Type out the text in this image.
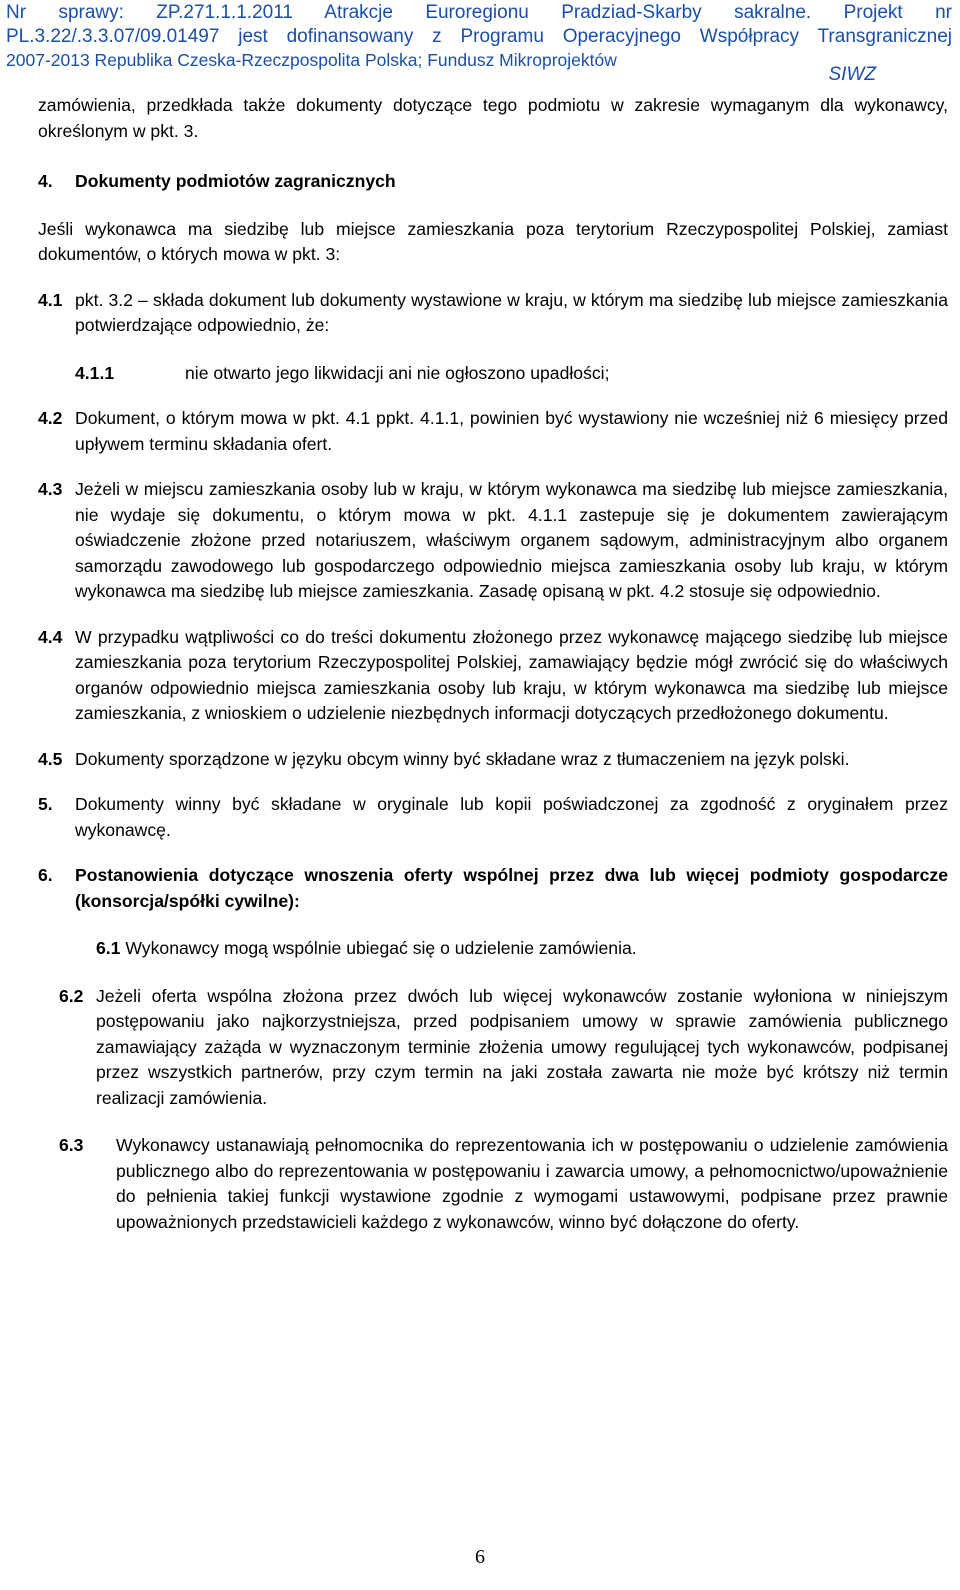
Nr sprawy: ZP.271.1.1.2011 Atrakcje Euroregionu Pradziad-Skarby sakralne. Projekt nr
PL.3.22/.3.3.07/09.01497 jest dofinansowany z Programu Operacyjnego Współpracy Transgranicznej
2007-2013 Republika Czeska-Rzeczpospolita Polska; Fundusz Mikroprojektów
SIWZ

zamówienia, przedkłada także dokumenty dotyczące tego podmiotu w zakresie wymaganym dla wykonawcy, określonym w pkt. 3.

4. Dokumenty podmiotów zagranicznych

Jeśli wykonawca ma siedzibę lub miejsce zamieszkania poza terytorium Rzeczypospolitej Polskiej, zamiast dokumentów, o których mowa w pkt. 3:

4.1 pkt. 3.2 – składa dokument lub dokumenty wystawione w kraju, w którym ma siedzibę lub miejsce zamieszkania potwierdzające odpowiednio, że:
4.1.1	nie otwarto jego likwidacji ani nie ogłoszono upadłości;
4.2 Dokument, o którym mowa w pkt. 4.1 ppkt. 4.1.1, powinien być wystawiony nie wcześniej niż 6 miesięcy przed upływem terminu składania ofert.
4.3 Jeżeli w miejscu zamieszkania osoby lub w kraju, w którym wykonawca ma siedzibę lub miejsce zamieszkania, nie wydaje się dokumentu, o którym mowa w pkt. 4.1.1 zastepuje się je dokumentem zawierającym oświadczenie złożone przed notariuszem, właściwym organem sądowym, administracyjnym albo organem samorządu zawodowego lub gospodarczego odpowiednio miejsca zamieszkania osoby lub kraju, w którym wykonawca ma siedzibę lub miejsce zamieszkania. Zasadę opisaną w pkt. 4.2 stosuje się odpowiednio.
4.4 W przypadku wątpliwości co do treści dokumentu złożonego przez wykonawcę mającego siedzibę lub miejsce zamieszkania poza terytorium Rzeczypospolitej Polskiej, zamawiający będzie mógł zwrócić się do właściwych organów odpowiednio miejsca zamieszkania osoby lub kraju, w którym wykonawca ma siedzibę lub miejsce zamieszkania, z wnioskiem o udzielenie niezbędnych informacji dotyczących przedłożonego dokumentu.
4.5 Dokumenty sporządzone w języku obcym winny być składane wraz z tłumaczeniem na język polski.
5. Dokumenty winny być składane w oryginale lub kopii poświadczonej za zgodność z oryginałem przez wykonawcę.
6. Postanowienia dotyczące wnoszenia oferty wspólnej przez dwa lub więcej podmioty gospodarcze (konsorcja/spółki cywilne):
6.1 Wykonawcy mogą wspólnie ubiegać się o udzielenie zamówienia.
6.2 Jeżeli oferta wspólna złożona przez dwóch lub więcej wykonawców zostanie wyłoniona w niniejszym postępowaniu jako najkorzystniejsza, przed podpisaniem umowy w sprawie zamówienia publicznego zamawiający zażąda w wyznaczonym terminie złożenia umowy regulującej tych wykonawców, podpisanej przez wszystkich partnerów, przy czym termin na jaki została zawarta nie może być krótszy niż termin realizacji zamówienia.
6.3 Wykonawcy ustanawiają pełnomocnika do reprezentowania ich w postępowaniu o udzielenie zamówienia publicznego albo do reprezentowania w postępowaniu i zawarcia umowy, a pełnomocnictwo/upoważnienie do pełnienia takiej funkcji wystawione zgodnie z wymogami ustawowymi, podpisane przez prawnie upoważnionych przedstawicieli każdego z wykonawców, winno być dołączone do oferty.
6
